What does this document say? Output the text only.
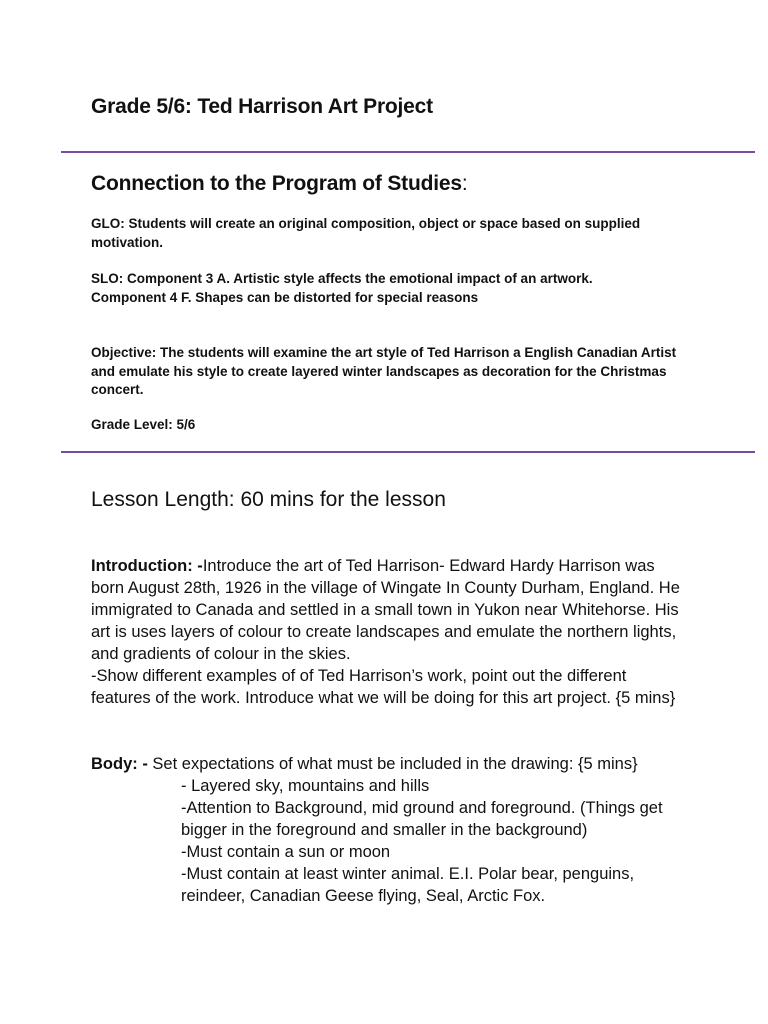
Grade 5/6: Ted Harrison Art Project
Connection to the Program of Studies:

GLO: Students will create an original composition, object or space based on supplied motivation.

SLO: Component 3 A. Artistic style affects the emotional impact of an artwork.
Component 4 F. Shapes can be distorted for special reasons

Objective: The students will examine the art style of Ted Harrison a English Canadian Artist and emulate his style to create layered winter landscapes as decoration for the Christmas concert.

Grade Level: 5/6

Lesson Length: 60 mins for the lesson

Introduction: -Introduce the art of Ted Harrison- Edward Hardy Harrison was born August 28th, 1926 in the village of Wingate In County Durham, England. He immigrated to Canada and settled in a small town in Yukon near Whitehorse. His art is uses layers of colour to create landscapes and emulate the northern lights, and gradients of colour in the skies.
-Show different examples of of Ted Harrison’s work, point out the different features of the work. Introduce what we will be doing for this art project. {5 mins}

Body: - Set expectations of what must be included in the drawing: {5 mins}
- Layered sky, mountains and hills
-Attention to Background, mid ground and foreground. (Things get bigger in the foreground and smaller in the background)
-Must contain a sun or moon
-Must contain at least winter animal. E.I. Polar bear, penguins, reindeer, Canadian Geese flying, Seal, Arctic Fox.
